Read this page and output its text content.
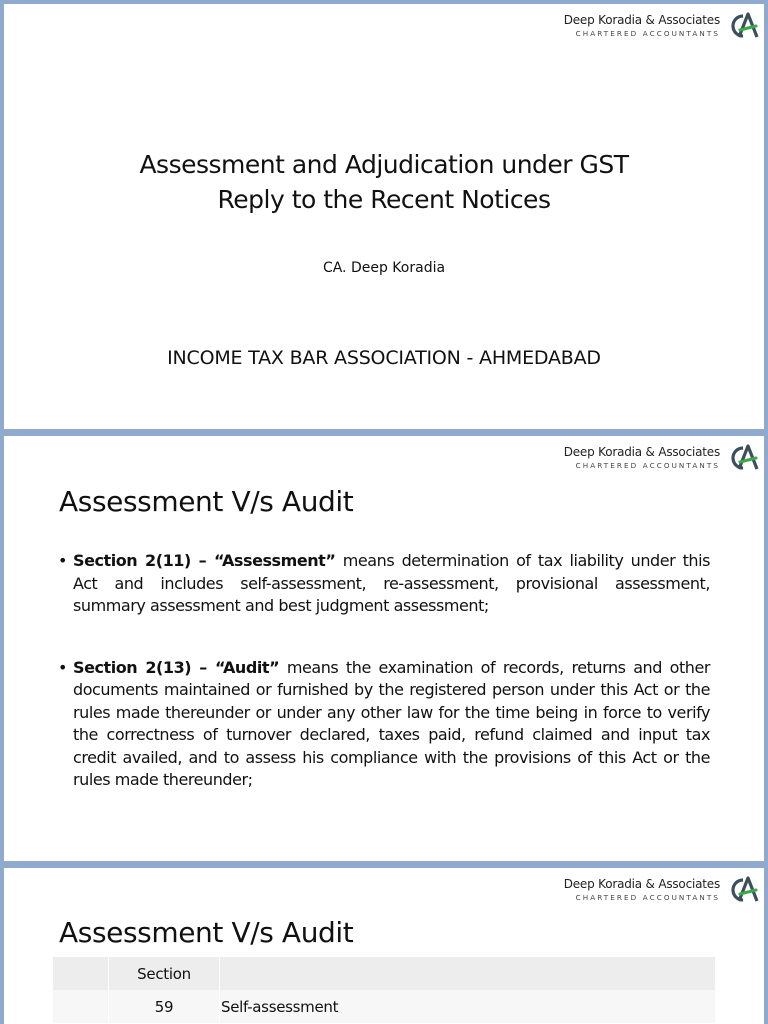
Deep Koradia & Associates
CHARTERED ACCOUNTANTS
Assessment and Adjudication under GST
Reply to the Recent Notices
CA. Deep Koradia
INCOME TAX BAR ASSOCIATION - AHMEDABAD
Deep Koradia & Associates
CHARTERED ACCOUNTANTS
Assessment V/s Audit
• Section 2(11) – “Assessment” means determination of tax liability under this Act and includes self-assessment, re-assessment, provisional assessment, summary assessment and best judgment assessment;
• Section 2(13) – “Audit” means the examination of records, returns and other documents maintained or furnished by the registered person under this Act or the rules made thereunder or under any other law for the time being in force to verify the correctness of turnover declared, taxes paid, refund claimed and input tax credit availed, and to assess his compliance with the provisions of this Act or the rules made thereunder;
Deep Koradia & Associates
CHARTERED ACCOUNTANTS
Assessment V/s Audit
	Section	
	59	Self-assessment
